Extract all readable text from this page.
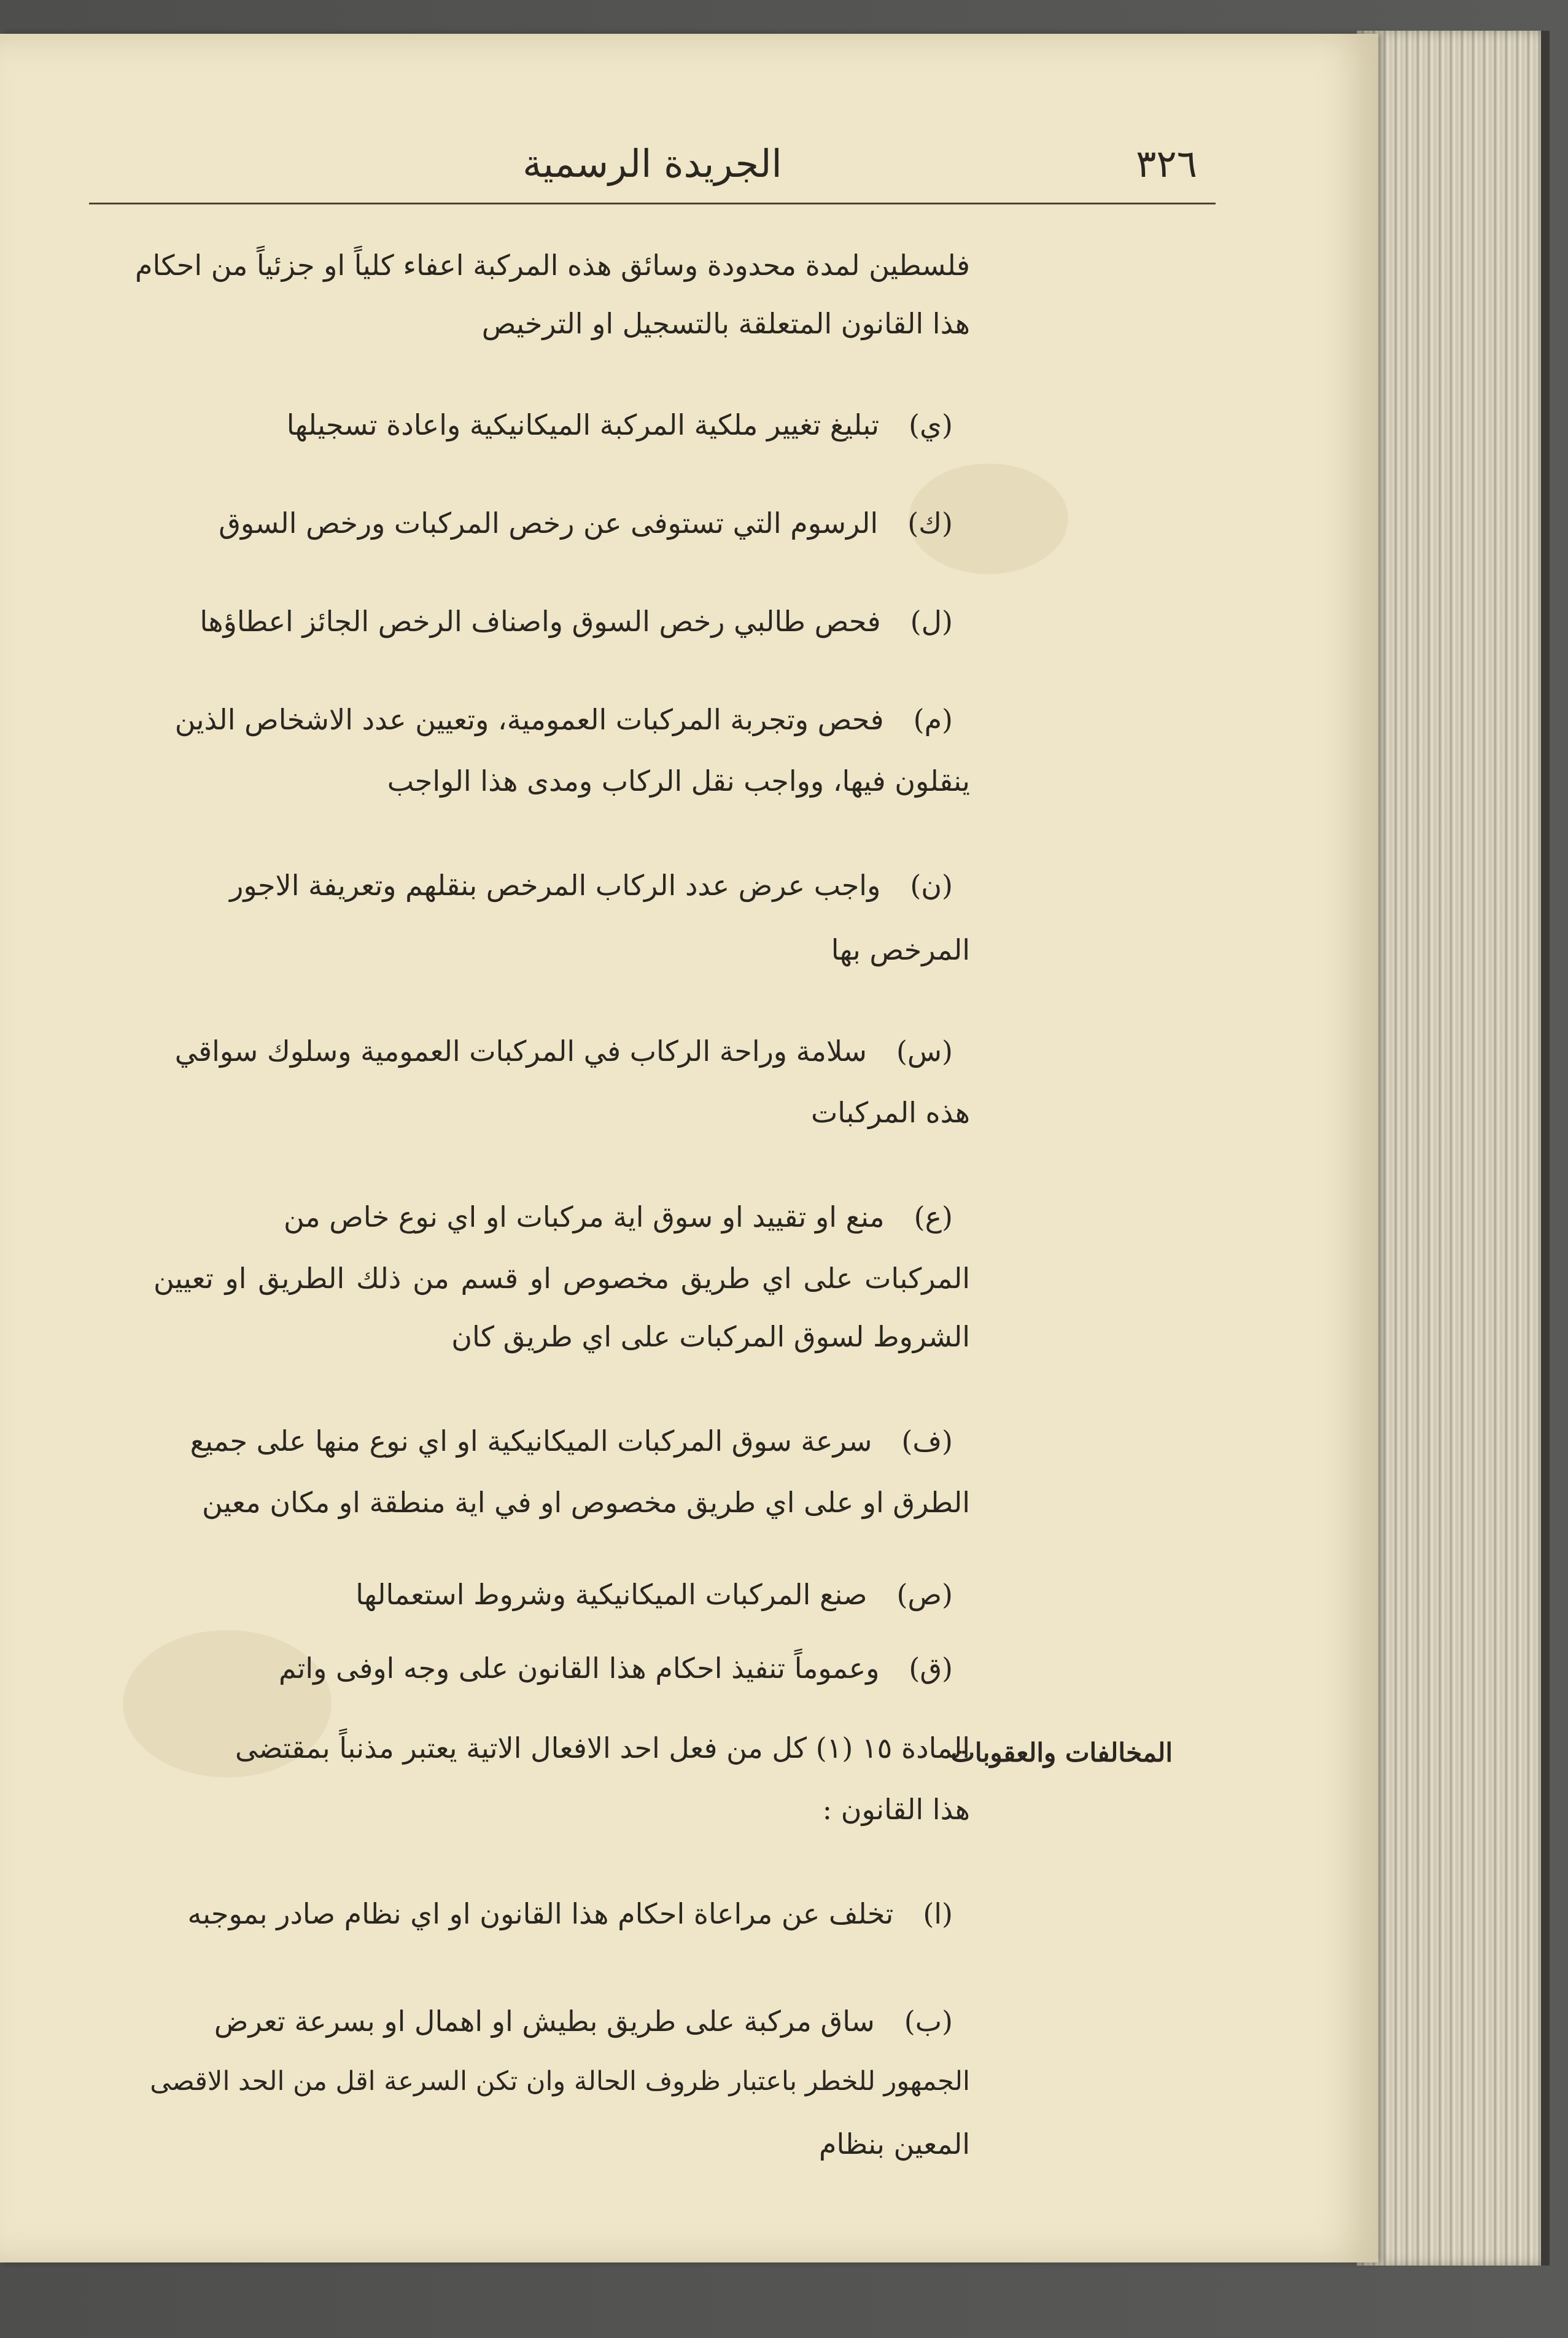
الجريدة الرسمية	٣٢٦
فلسطين لمدة محدودة وسائق هذه المركبة اعفاء كلياً او جزئياً من احكام
هذا القانون المتعلقة بالتسجيل او الترخيص
(ي)تبليغ تغيير ملكية المركبة الميكانيكية واعادة تسجيلها
(ك)الرسوم التي تستوفى عن رخص المركبات ورخص السوق
(ل)فحص طالبي رخص السوق واصناف الرخص الجائز اعطاؤها
(م)فحص وتجربة المركبات العمومية، وتعيين عدد الاشخاص الذين
ينقلون فيها، وواجب نقل الركاب ومدى هذا الواجب
(ن)واجب عرض عدد الركاب المرخص بنقلهم وتعريفة الاجور
المرخص بها
(س)سلامة وراحة الركاب في المركبات العمومية وسلوك سواقي
هذه المركبات
(ع)منع او تقييد او سوق اية مركبات او اي نوع خاص من
المركبات على اي طريق مخصوص او قسم من ذلك الطريق او تعيين
الشروط لسوق المركبات على اي طريق كان
(ف)سرعة سوق المركبات الميكانيكية او اي نوع منها على جميع
الطرق او على اي طريق مخصوص او في اية منطقة او مكان معين
(ص)صنع المركبات الميكانيكية وشروط استعمالها
(ق)وعموماً تنفيذ احكام هذا القانون على وجه اوفى واتم
المخالفات والعقوبات
المادة ١٥ (١) كل من فعل احد الافعال الاتية يعتبر مذنباً بمقتضى
هذا القانون :
(ا)تخلف عن مراعاة احكام هذا القانون او اي نظام صادر بموجبه
(ب)ساق مركبة على طريق بطيش او اهمال او بسرعة تعرض
الجمهور للخطر باعتبار ظروف الحالة وان تكن السرعة اقل من الحد الاقصى
المعين بنظام
